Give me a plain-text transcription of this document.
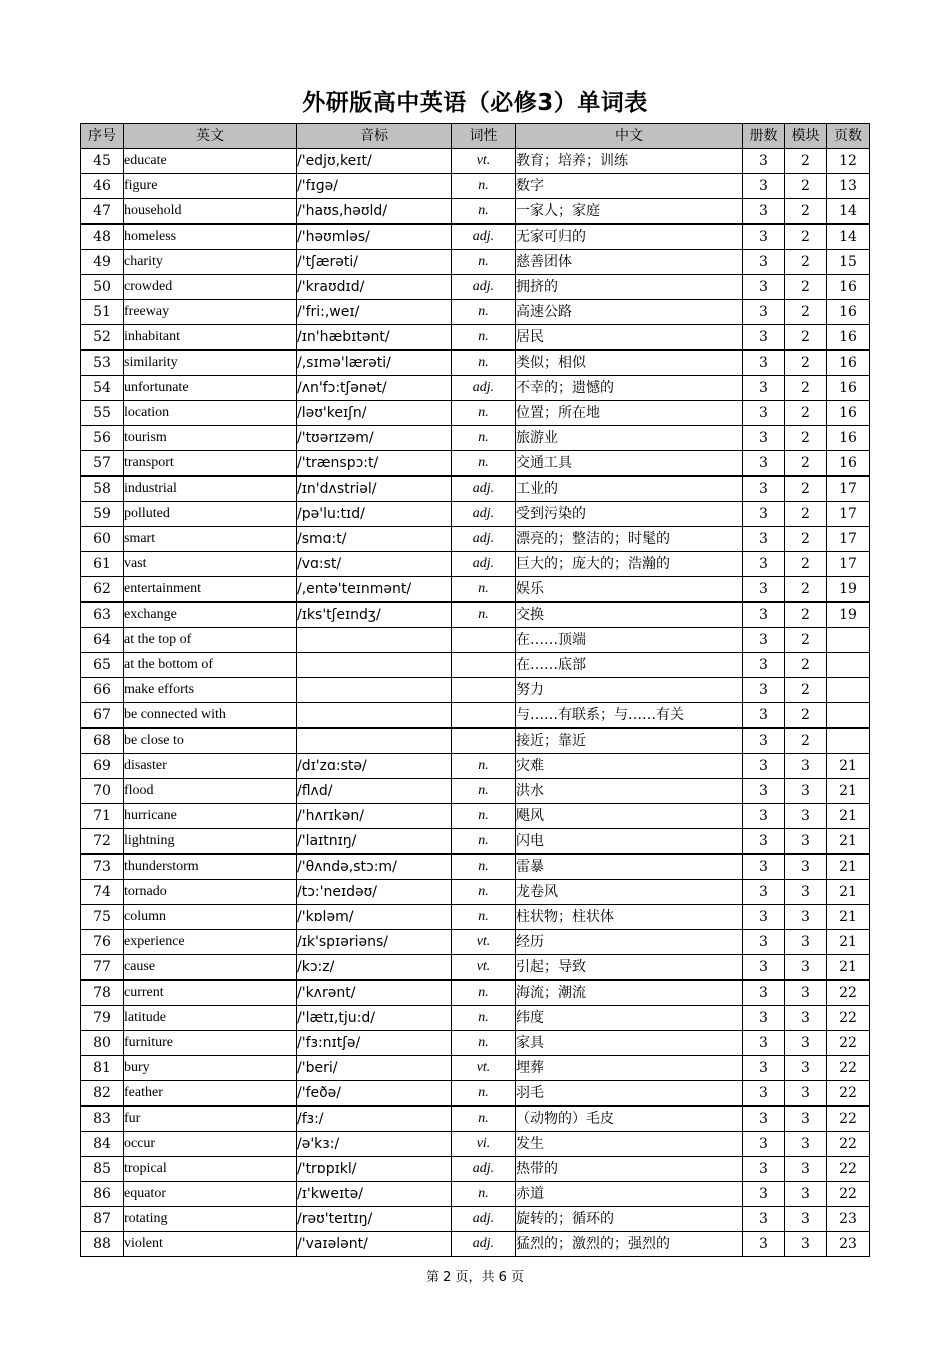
外研版高中英语（必修3）单词表
序号	英文	音标	词性	中文	册数	模块	页数
45	educate	/'edjʊ,keɪt/	vt.	教育；培养；训练	3	2	12
46	figure	/'fɪɡə/	n.	数字	3	2	13
47	household	/'haʊs,həʊld/	n.	一家人；家庭	3	2	14
48	homeless	/'həʊmləs/	adj.	无家可归的	3	2	14
49	charity	/'tʃærəti/	n.	慈善团体	3	2	15
50	crowded	/'kraʊdɪd/	adj.	拥挤的	3	2	16
51	freeway	/'fri:,weɪ/	n.	高速公路	3	2	16
52	inhabitant	/ɪn'hæbɪtənt/	n.	居民	3	2	16
53	similarity	/,sɪmə'lærəti/	n.	类似；相似	3	2	16
54	unfortunate	/ʌn'fɔ:tʃənət/	adj.	不幸的；遗憾的	3	2	16
55	location	/ləʊ'keɪʃn/	n.	位置；所在地	3	2	16
56	tourism	/'tʊərɪzəm/	n.	旅游业	3	2	16
57	transport	/'trænspɔ:t/	n.	交通工具	3	2	16
58	industrial	/ɪn'dʌstriəl/	adj.	工业的	3	2	17
59	polluted	/pə'lu:tɪd/	adj.	受到污染的	3	2	17
60	smart	/smɑ:t/	adj.	漂亮的；整洁的；时髦的	3	2	17
61	vast	/vɑ:st/	adj.	巨大的；庞大的；浩瀚的	3	2	17
62	entertainment	/,entə'teɪnmənt/	n.	娱乐	3	2	19
63	exchange	/ɪks'tʃeɪndʒ/	n.	交换	3	2	19
64	at the top of			在……顶端	3	2	
65	at the bottom of			在……底部	3	2	
66	make efforts			努力	3	2	
67	be connected with			与……有联系；与……有关	3	2	
68	be close to			接近；靠近	3	2	
69	disaster	/dɪ'zɑ:stə/	n.	灾难	3	3	21
70	flood	/flʌd/	n.	洪水	3	3	21
71	hurricane	/'hʌrɪkən/	n.	飓风	3	3	21
72	lightning	/'laɪtnɪŋ/	n.	闪电	3	3	21
73	thunderstorm	/'θʌndə,stɔ:m/	n.	雷暴	3	3	21
74	tornado	/tɔ:'neɪdəʊ/	n.	龙卷风	3	3	21
75	column	/'kɒləm/	n.	柱状物；柱状体	3	3	21
76	experience	/ɪk'spɪəriəns/	vt.	经历	3	3	21
77	cause	/kɔ:z/	vt.	引起；导致	3	3	21
78	current	/'kʌrənt/	n.	海流；潮流	3	3	22
79	latitude	/'lætɪ,tju:d/	n.	纬度	3	3	22
80	furniture	/'fɜ:nɪtʃə/	n.	家具	3	3	22
81	bury	/'beri/	vt.	埋葬	3	3	22
82	feather	/'feðə/	n.	羽毛	3	3	22
83	fur	/fɜ:/	n.	（动物的）毛皮	3	3	22
84	occur	/ə'kɜ:/	vi.	发生	3	3	22
85	tropical	/'trɒpɪkl/	adj.	热带的	3	3	22
86	equator	/ɪ'kweɪtə/	n.	赤道	3	3	22
87	rotating	/rəʊ'teɪtɪŋ/	adj.	旋转的；循环的	3	3	23
88	violent	/'vaɪələnt/	adj.	猛烈的；激烈的；强烈的	3	3	23
第 2 页，共 6 页
